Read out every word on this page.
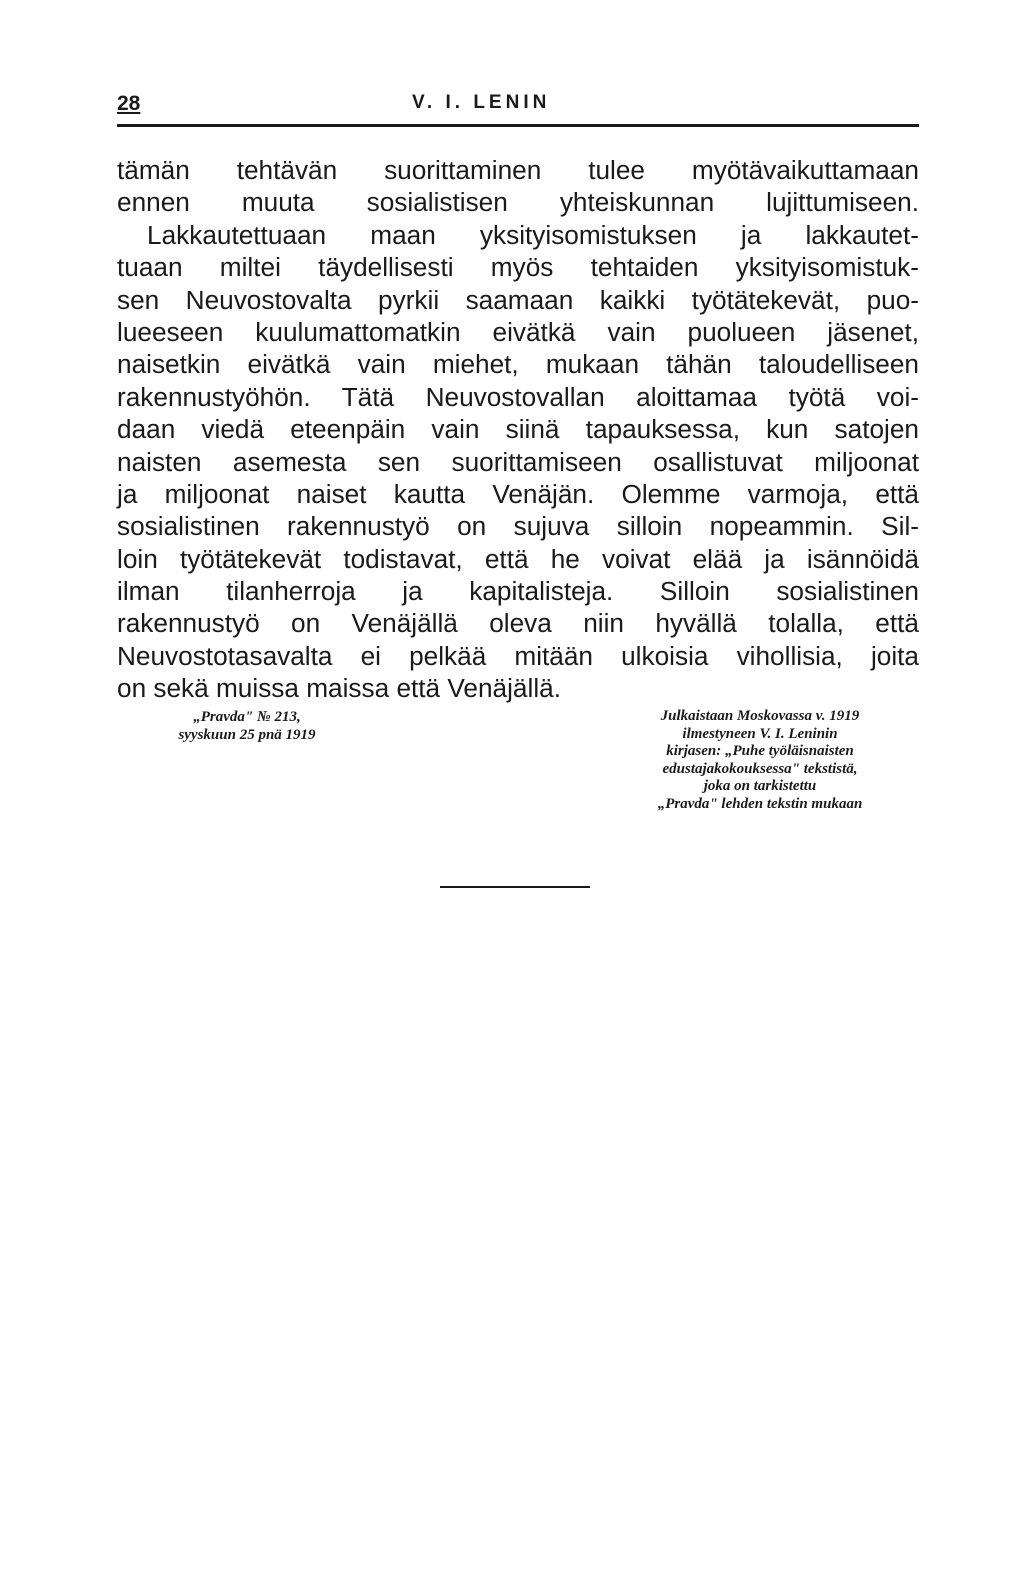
28	V. I. LENIN
tämän tehtävän suorittaminen tulee myötävaikuttamaan
ennen muuta sosialistisen yhteiskunnan lujittumiseen.
Lakkautettuaan maan yksityisomistuksen ja lakkautet-
tuaan miltei täydellisesti myös tehtaiden yksityisomistuk-
sen Neuvostovalta pyrkii saamaan kaikki työtätekevät, puo-
lueeseen kuulumattomatkin eivätkä vain puolueen jäsenet,
naisetkin eivätkä vain miehet, mukaan tähän taloudelliseen
rakennustyöhön. Tätä Neuvostovallan aloittamaa työtä voi-
daan viedä eteenpäin vain siinä tapauksessa, kun satojen
naisten asemesta sen suorittamiseen osallistuvat miljoonat
ja miljoonat naiset kautta Venäjän. Olemme varmoja, että
sosialistinen rakennustyö on sujuva silloin nopeammin. Sil-
loin työtätekevät todistavat, että he voivat elää ja isännöidä
ilman tilanherroja ja kapitalisteja. Silloin sosialistinen
rakennustyö on Venäjällä oleva niin hyvällä tolalla, että
Neuvostotasavalta ei pelkää mitään ulkoisia vihollisia, joita
on sekä muissa maissa että Venäjällä.
„Pravda" № 213,
syyskuun 25 pnä 1919
Julkaistaan Moskovassa v. 1919
ilmestyneen V. I. Leninin
kirjasen: „Puhe työläisnaisten
edustajakokouksessa" tekstistä,
joka on tarkistettu
„Pravda" lehden tekstin mukaan
